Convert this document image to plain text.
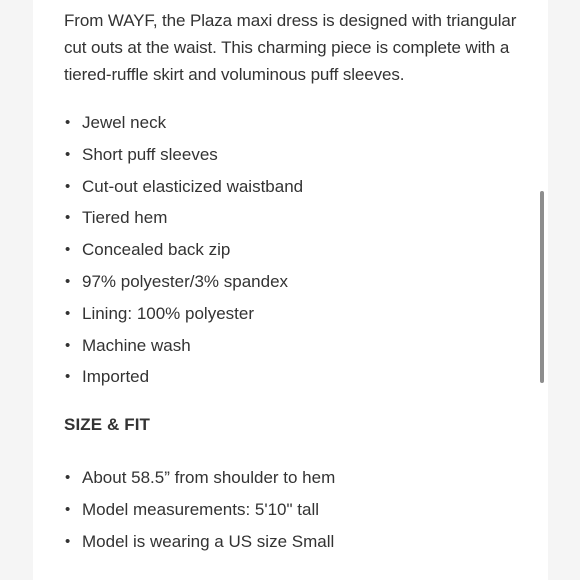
From WAYF, the Plaza maxi dress is designed with triangular cut outs at the waist. This charming piece is complete with a tiered-ruffle skirt and voluminous puff sleeves.

• Jewel neck
• Short puff sleeves
• Cut-out elasticized waistband
• Tiered hem
• Concealed back zip
• 97% polyester/3% spandex
• Lining: 100% polyester
• Machine wash
• Imported
SIZE & FIT
• About 58.5” from shoulder to hem
• Model measurements: 5'10" tall
• Model is wearing a US size Small
